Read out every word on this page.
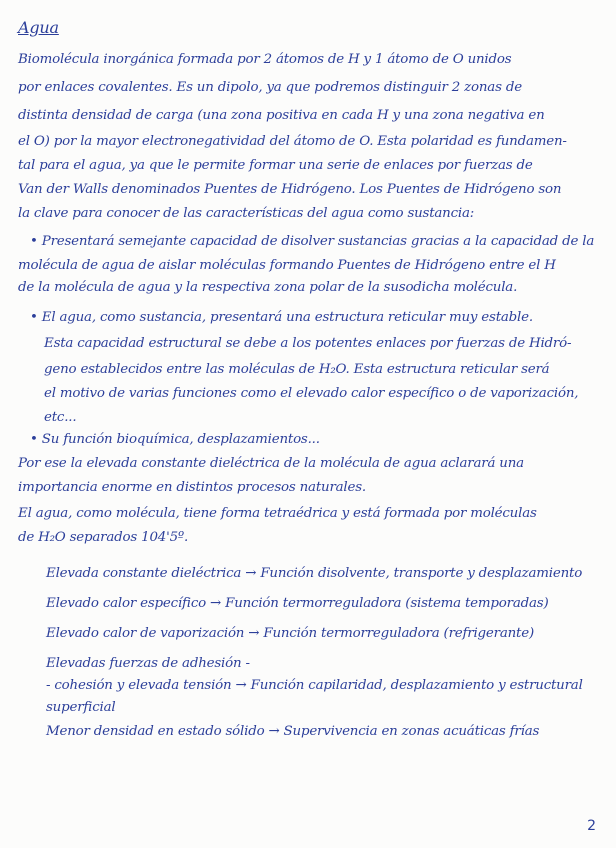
Agua
Biomolécula inorgánica formada por 2 átomos de H y 1 átomo de O unidos
por enlaces covalentes. Es un dipolo, ya que podremos distinguir 2 zonas de
distinta densidad de carga (una zona positiva en cada H y una zona negativa en
el O) por la mayor electronegatividad del átomo de O. Esta polaridad es fundamen-
tal para el agua, ya que le permite formar una serie de enlaces por fuerzas de
Van der Walls denominados Puentes de Hidrógeno. Los Puentes de Hidrógeno son
la clave para conocer de las características del agua como sustancia:
• Presentará semejante capacidad de disolver sustancias gracias a la capacidad de la
molécula de agua de aislar moléculas formando Puentes de Hidrógeno entre el H
de la molécula de agua y la respectiva zona polar de la susodicha molécula.
• El agua, como sustancia, presentará una estructura reticular muy estable.
Esta capacidad estructural se debe a los potentes enlaces por fuerzas de Hidró-
geno establecidos entre las moléculas de H₂O. Esta estructura reticular será
el motivo de varias funciones como el elevado calor específico o de vaporización,
etc...
• Su función bioquímica, desplazamientos...
Por ese la elevada constante dieléctrica de la molécula de agua aclarará una
importancia enorme en distintos procesos naturales.
El agua, como molécula, tiene forma tetraédrica y está formada por moléculas
de H₂O separados 104'5º.
Elevada constante dieléctrica → Función disolvente, transporte y desplazamiento
Elevado calor específico → Función termorreguladora (sistema temporadas)
Elevado calor de vaporización → Función termorreguladora (refrigerante)
Elevadas fuerzas de adhesión -
- cohesión y elevada tensión → Función capilaridad, desplazamiento y estructural
superficial
Menor densidad en estado sólido → Supervivencia en zonas acuáticas frías
2
